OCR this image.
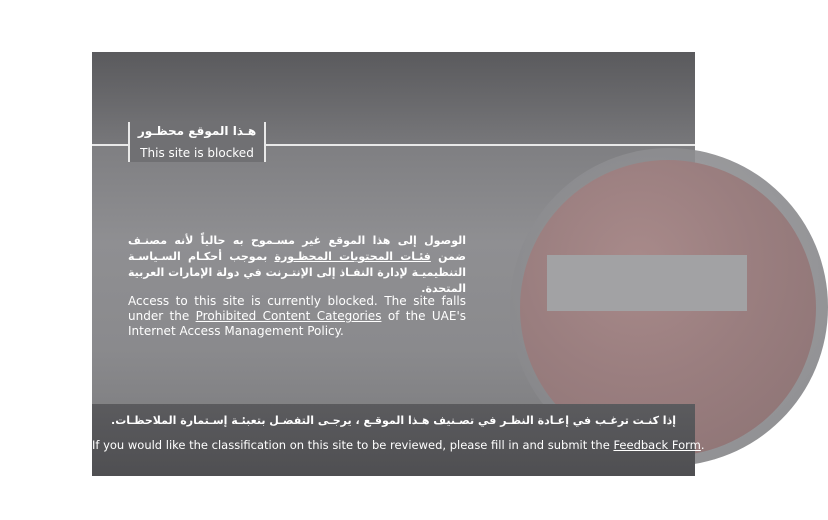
هـذا الموقع محظـور
This site is blocked
الوصول إلى هذا الموقع غير مسـموح به حالياً لأنه مصنـف ضمن فئـات المحتويات المحظـورة بموجب أحكـام السـياسـة التنظيميـة لإدارة النفـاذ إلى الإنتـرنت في دولة الإمارات العربية المتحدة.
Access to this site is currently blocked. The site falls under the Prohibited Content Categories of the UAE's Internet Access Management Policy.
إذا كنـت ترغـب في إعـادة النظـر في تصـنيف هـذا الموقـع ، يرجـى التفضـل بتعبئـة إسـتمارة الملاحظـات.
If you would like the classification on this site to be reviewed, please fill in and submit the Feedback Form.
